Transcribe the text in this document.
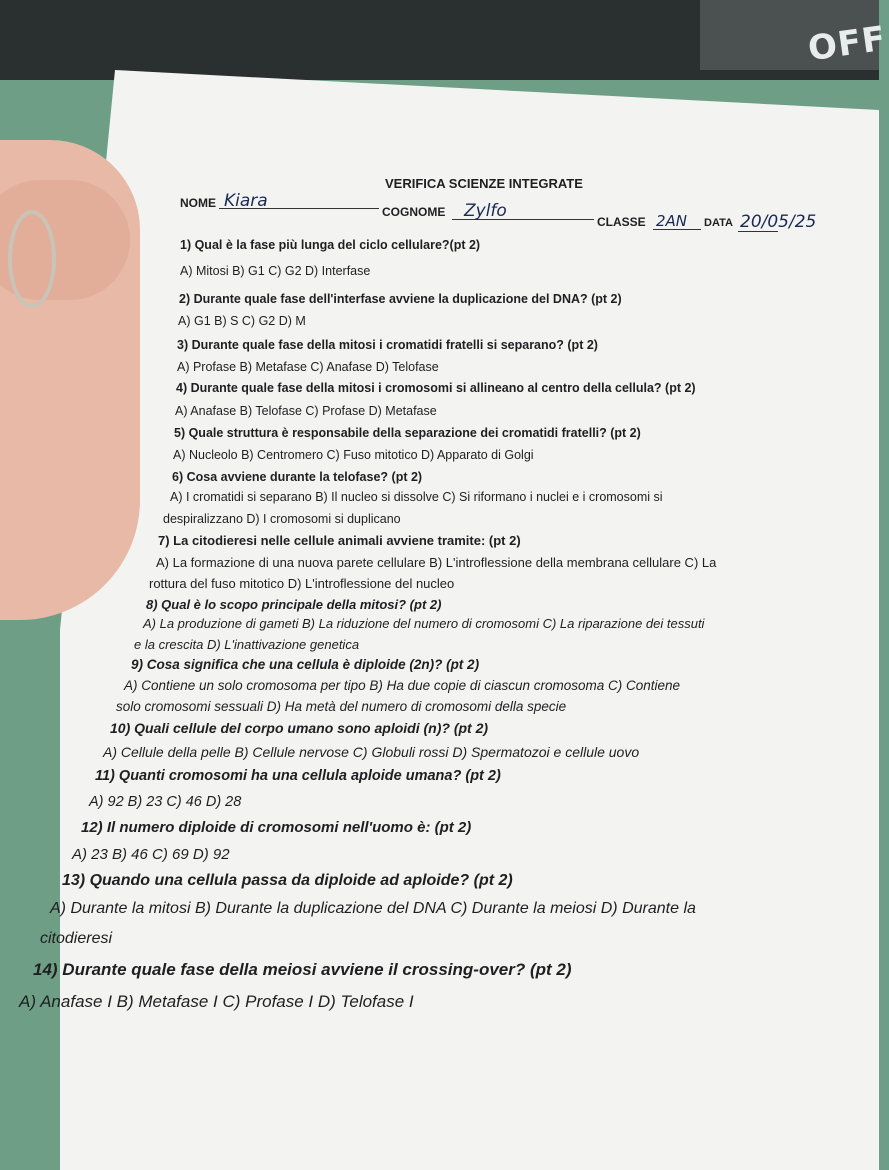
OFF
VERIFICA SCIENZE INTEGRATE
NOME Kiara
COGNOME Zylfo
CLASSE 2AN DATA 20/05/25
1) Qual è la fase più lunga del ciclo cellulare?(pt 2)
A) Mitosi B) G1 C) G2 D) Interfase
2) Durante quale fase dell'interfase avviene la duplicazione del DNA? (pt 2)
A) G1 B) S C) G2 D) M
3) Durante quale fase della mitosi i cromatidi fratelli si separano? (pt 2)
A) Profase B) Metafase C) Anafase D) Telofase
4) Durante quale fase della mitosi i cromosomi si allineano al centro della cellula? (pt 2)
A) Anafase B) Telofase C) Profase D) Metafase
5) Quale struttura è responsabile della separazione dei cromatidi fratelli? (pt 2)
A) Nucleolo B) Centromero C) Fuso mitotico D) Apparato di Golgi
6) Cosa avviene durante la telofase? (pt 2)
A) I cromatidi si separano B) Il nucleo si dissolve C) Si riformano i nuclei e i cromosomi si
despiralizzano D) I cromosomi si duplicano
7) La citodieresi nelle cellule animali avviene tramite: (pt 2)
A) La formazione di una nuova parete cellulare B) L'introflessione della membrana cellulare C) La
rottura del fuso mitotico D) L'introflessione del nucleo
8) Qual è lo scopo principale della mitosi? (pt 2)
A) La produzione di gameti B) La riduzione del numero di cromosomi C) La riparazione dei tessuti
e la crescita D) L'inattivazione genetica
9) Cosa significa che una cellula è diploide (2n)? (pt 2)
A) Contiene un solo cromosoma per tipo B) Ha due copie di ciascun cromosoma C) Contiene
solo cromosomi sessuali D) Ha metà del numero di cromosomi della specie
10) Quali cellule del corpo umano sono aploidi (n)? (pt 2)
A) Cellule della pelle B) Cellule nervose C) Globuli rossi D) Spermatozoi e cellule uovo
11) Quanti cromosomi ha una cellula aploide umana? (pt 2)
A) 92 B) 23 C) 46 D) 28
12) Il numero diploide di cromosomi nell'uomo è: (pt 2)
A) 23 B) 46 C) 69 D) 92
13) Quando una cellula passa da diploide ad aploide? (pt 2)
A) Durante la mitosi B) Durante la duplicazione del DNA C) Durante la meiosi D) Durante la
citodieresi
14) Durante quale fase della meiosi avviene il crossing-over? (pt 2)
A) Anafase I B) Metafase I C) Profase I D) Telofase I
